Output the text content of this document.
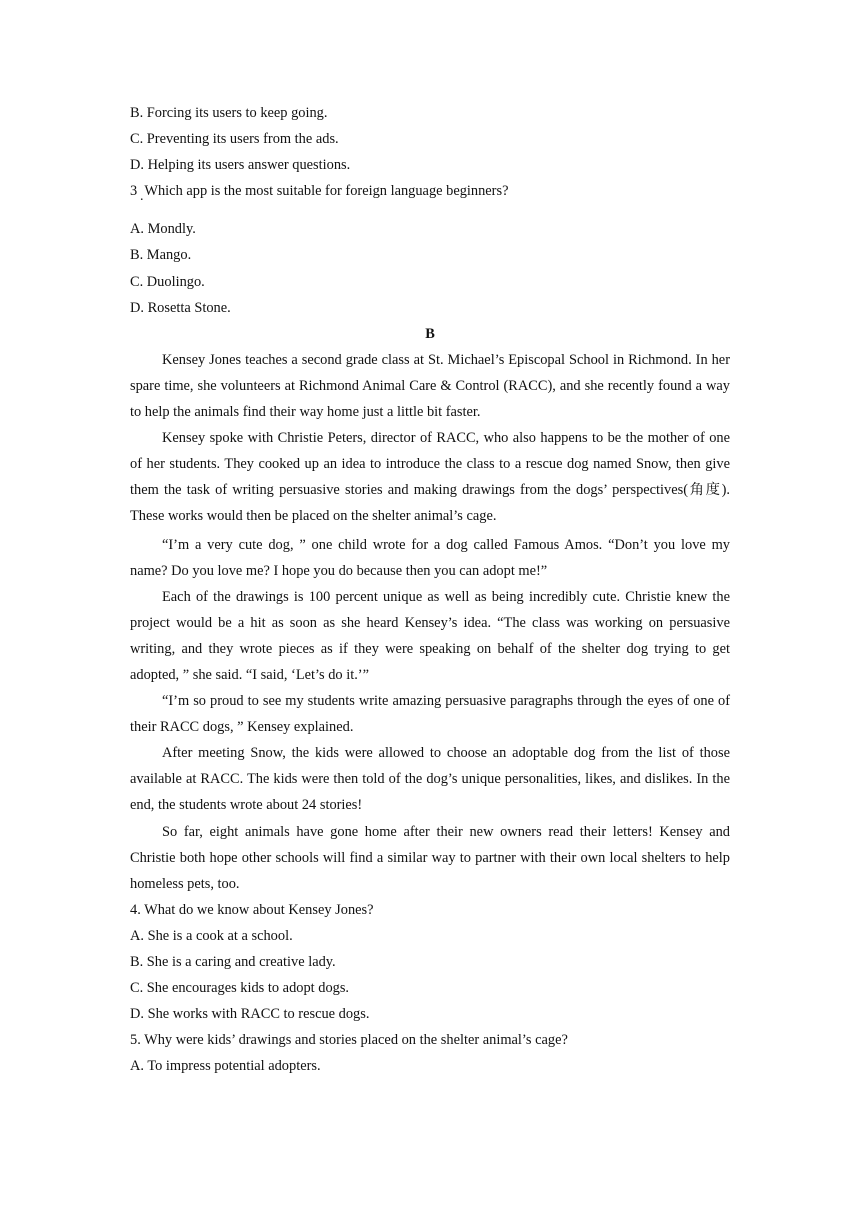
B. Forcing its users to keep going.

C. Preventing its users from the ads.

D. Helping its users answer questions.

3 Which app is the most suitable for foreign language beginners?
.

A. Mondly.

B. Mango.

C. Duolingo.

D. Rosetta Stone.

B

Kensey Jones teaches a second grade class at St. Michael’s Episcopal School in Richmond. In her spare time, she volunteers at Richmond Animal Care & Control (RACC), and she recently found a way to help the animals find their way home just a little bit faster.

Kensey spoke with Christie Peters, director of RACC, who also happens to be the mother of one of her students. They cooked up an idea to introduce the class to a rescue dog named Snow, then give them the task of writing persuasive stories and making drawings from the dogs’ perspectives(角度). These works would then be placed on the shelter animal’s cage.

“I’m a very cute dog, ” one child wrote for a dog called Famous Amos. “Don’t you love my name? Do you love me? I hope you do because then you can adopt me!”

Each of the drawings is 100 percent unique as well as being incredibly cute. Christie knew the project would be a hit as soon as she heard Kensey’s idea. “The class was working on persuasive writing, and they wrote pieces as if they were speaking on behalf of the shelter dog trying to get adopted, ” she said. “I said, ‘Let’s do it.’”

“I’m so proud to see my students write amazing persuasive paragraphs through the eyes of one of their RACC dogs, ” Kensey explained.

After meeting Snow, the kids were allowed to choose an adoptable dog from the list of those available at RACC. The kids were then told of the dog’s unique personalities, likes, and dislikes. In the end, the students wrote about 24 stories!

So far, eight animals have gone home after their new owners read their letters! Kensey and Christie both hope other schools will find a similar way to partner with their own local shelters to help homeless pets, too.

4. What do we know about Kensey Jones?

A. She is a cook at a school.

B. She is a caring and creative lady.

C. She encourages kids to adopt dogs.

D. She works with RACC to rescue dogs.

5. Why were kids’ drawings and stories placed on the shelter animal’s cage?

A. To impress potential adopters.
